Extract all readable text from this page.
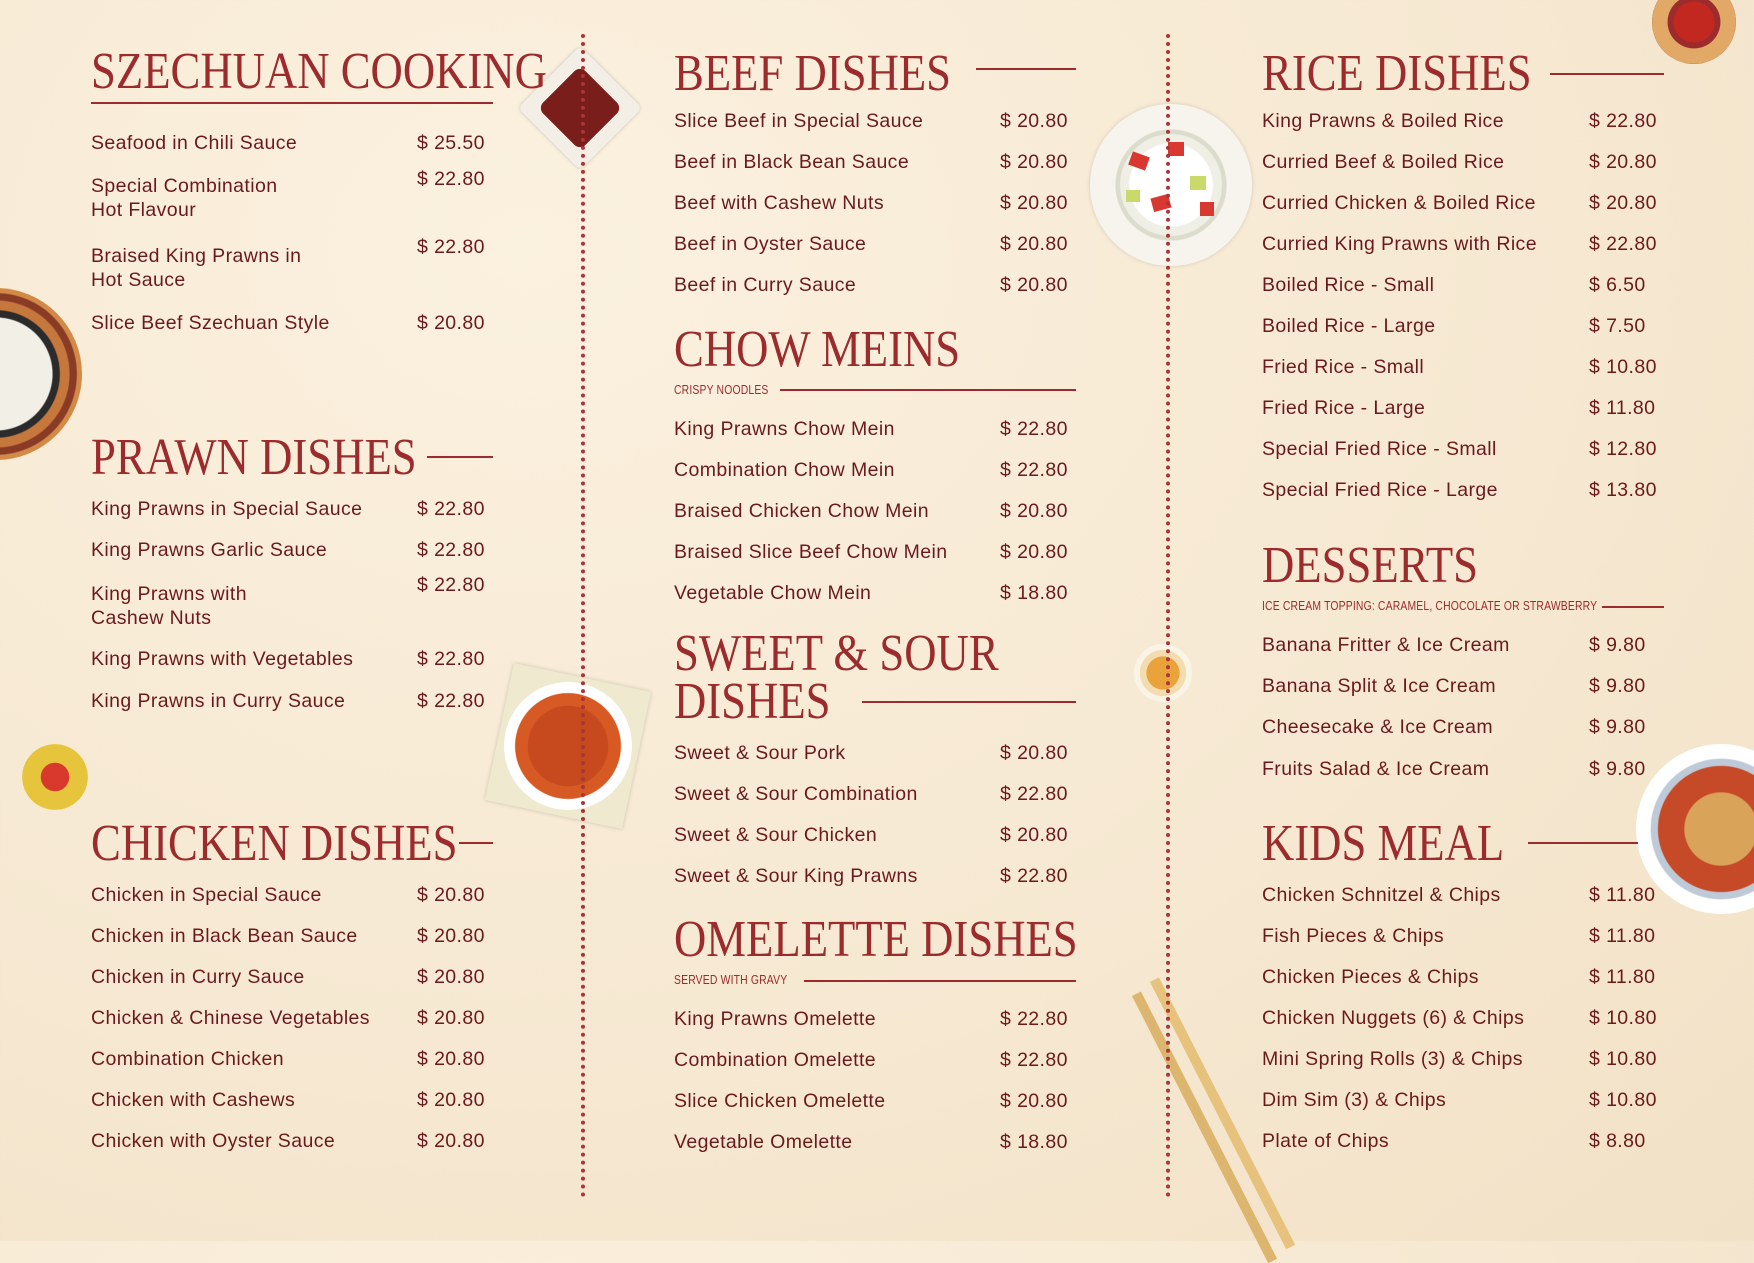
SZECHUAN COOKING
Seafood in Chili Sauce	$ 25.50
Special Combination
Hot Flavour
$ 22.80
Braised King Prawns in
Hot Sauce
$ 22.80
Slice Beef Szechuan Style	$ 20.80
PRAWN DISHES
King Prawns in Special Sauce	$ 22.80
King Prawns Garlic Sauce	$ 22.80
King Prawns with
Cashew Nuts
$ 22.80
King Prawns with Vegetables	$ 22.80
King Prawns in Curry Sauce	$ 22.80
CHICKEN DISHES
Chicken in Special Sauce	$ 20.80
Chicken in Black Bean Sauce	$ 20.80
Chicken in Curry Sauce	$ 20.80
Chicken & Chinese Vegetables $ 20.80
Combination Chicken	$ 20.80
Chicken with Cashews	$ 20.80
Chicken with Oyster Sauce	$ 20.80
BEEF DISHES
Slice Beef in Special Sauce	$ 20.80
Beef in Black Bean Sauce	$ 20.80
Beef with Cashew Nuts	$ 20.80
Beef in Oyster Sauce	$ 20.80
Beef in Curry Sauce	$ 20.80
CHOW MEINS
CRISPY NOODLES
King Prawns Chow Mein	$ 22.80
Combination Chow Mein	$ 22.80
Braised Chicken Chow Mein	$ 20.80
Braised Slice Beef Chow Mein	$ 20.80
Vegetable Chow Mein	$ 18.80
SWEET & SOUR
DISHES
Sweet & Sour Pork	$ 20.80
Sweet & Sour Combination	$ 22.80
Sweet & Sour Chicken	$ 20.80
Sweet & Sour King Prawns	$ 22.80
OMELETTE DISHES
SERVED WITH GRAVY
King Prawns Omelette	$ 22.80
Combination Omelette	$ 22.80
Slice Chicken Omelette	$ 20.80
Vegetable Omelette	$ 18.80
RICE DISHES
King Prawns & Boiled Rice	$ 22.80
Curried Beef & Boiled Rice	$ 20.80
Curried Chicken & Boiled Rice	$ 20.80
Curried King Prawns with Rice	$ 22.80
Boiled Rice - Small	$ 6.50
Boiled Rice - Large	$ 7.50
Fried Rice - Small	$ 10.80
Fried Rice - Large	$ 11.80
Special Fried Rice - Small	$ 12.80
Special Fried Rice - Large	$ 13.80
DESSERTS
ICE CREAM TOPPING: CARAMEL, CHOCOLATE OR STRAWBERRY
Banana Fritter & Ice Cream	$ 9.80
Banana Split & Ice Cream	$ 9.80
Cheesecake & Ice Cream	$ 9.80
Fruits Salad & Ice Cream	$ 9.80
KIDS MEAL
Chicken Schnitzel & Chips	$ 11.80
Fish Pieces & Chips	$ 11.80
Chicken Pieces & Chips	$ 11.80
Chicken Nuggets (6) & Chips	$ 10.80
Mini Spring Rolls (3) & Chips	$ 10.80
Dim Sim (3) & Chips	$ 10.80
Plate of Chips	$ 8.80
